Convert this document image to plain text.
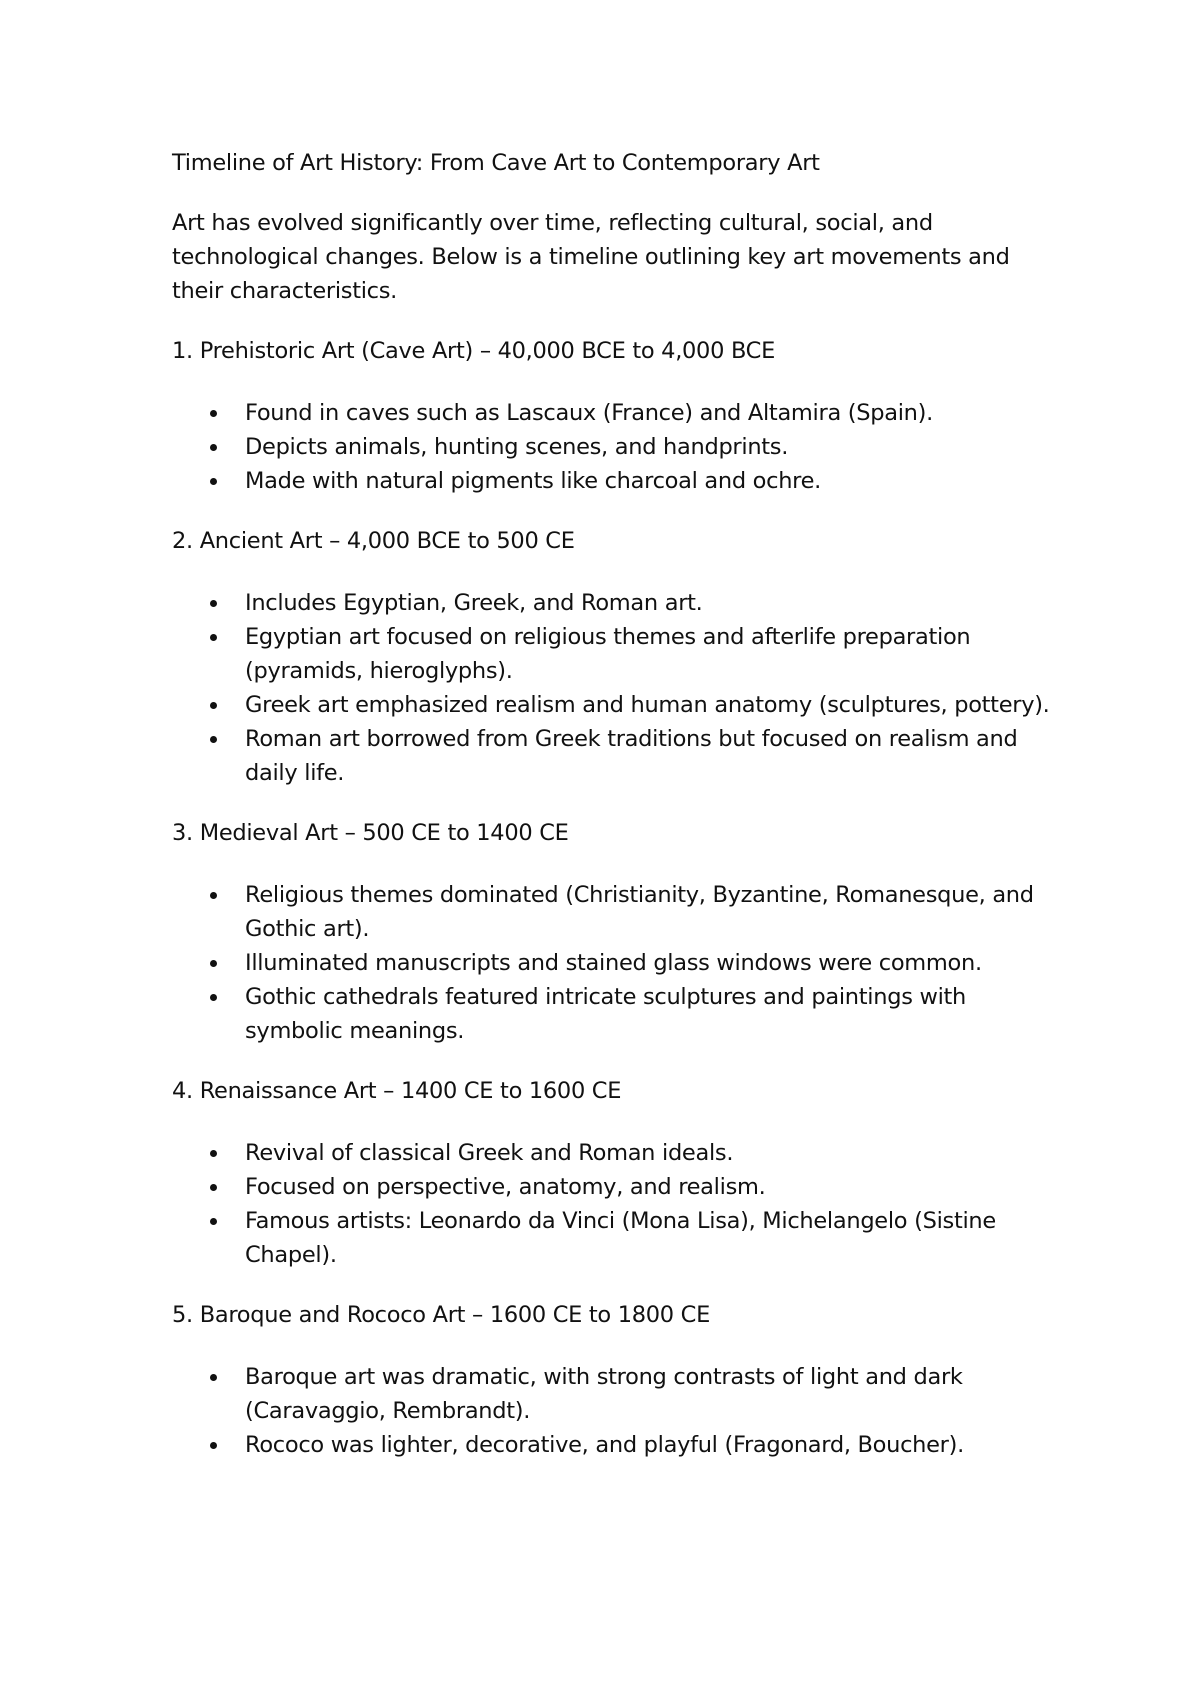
Timeline of Art History: From Cave Art to Contemporary Art

Art has evolved significantly over time, reflecting cultural, social, and technological changes. Below is a timeline outlining key art movements and their characteristics.

1. Prehistoric Art (Cave Art) – 40,000 BCE to 4,000 BCE
Found in caves such as Lascaux (France) and Altamira (Spain).
Depicts animals, hunting scenes, and handprints.
Made with natural pigments like charcoal and ochre.
2. Ancient Art – 4,000 BCE to 500 CE
Includes Egyptian, Greek, and Roman art.
Egyptian art focused on religious themes and afterlife preparation (pyramids, hieroglyphs).
Greek art emphasized realism and human anatomy (sculptures, pottery).
Roman art borrowed from Greek traditions but focused on realism and daily life.
3. Medieval Art – 500 CE to 1400 CE
Religious themes dominated (Christianity, Byzantine, Romanesque, and Gothic art).
Illuminated manuscripts and stained glass windows were common.
Gothic cathedrals featured intricate sculptures and paintings with symbolic meanings.
4. Renaissance Art – 1400 CE to 1600 CE
Revival of classical Greek and Roman ideals.
Focused on perspective, anatomy, and realism.
Famous artists: Leonardo da Vinci (Mona Lisa), Michelangelo (Sistine Chapel).
5. Baroque and Rococo Art – 1600 CE to 1800 CE
Baroque art was dramatic, with strong contrasts of light and dark (Caravaggio, Rembrandt).
Rococo was lighter, decorative, and playful (Fragonard, Boucher).
